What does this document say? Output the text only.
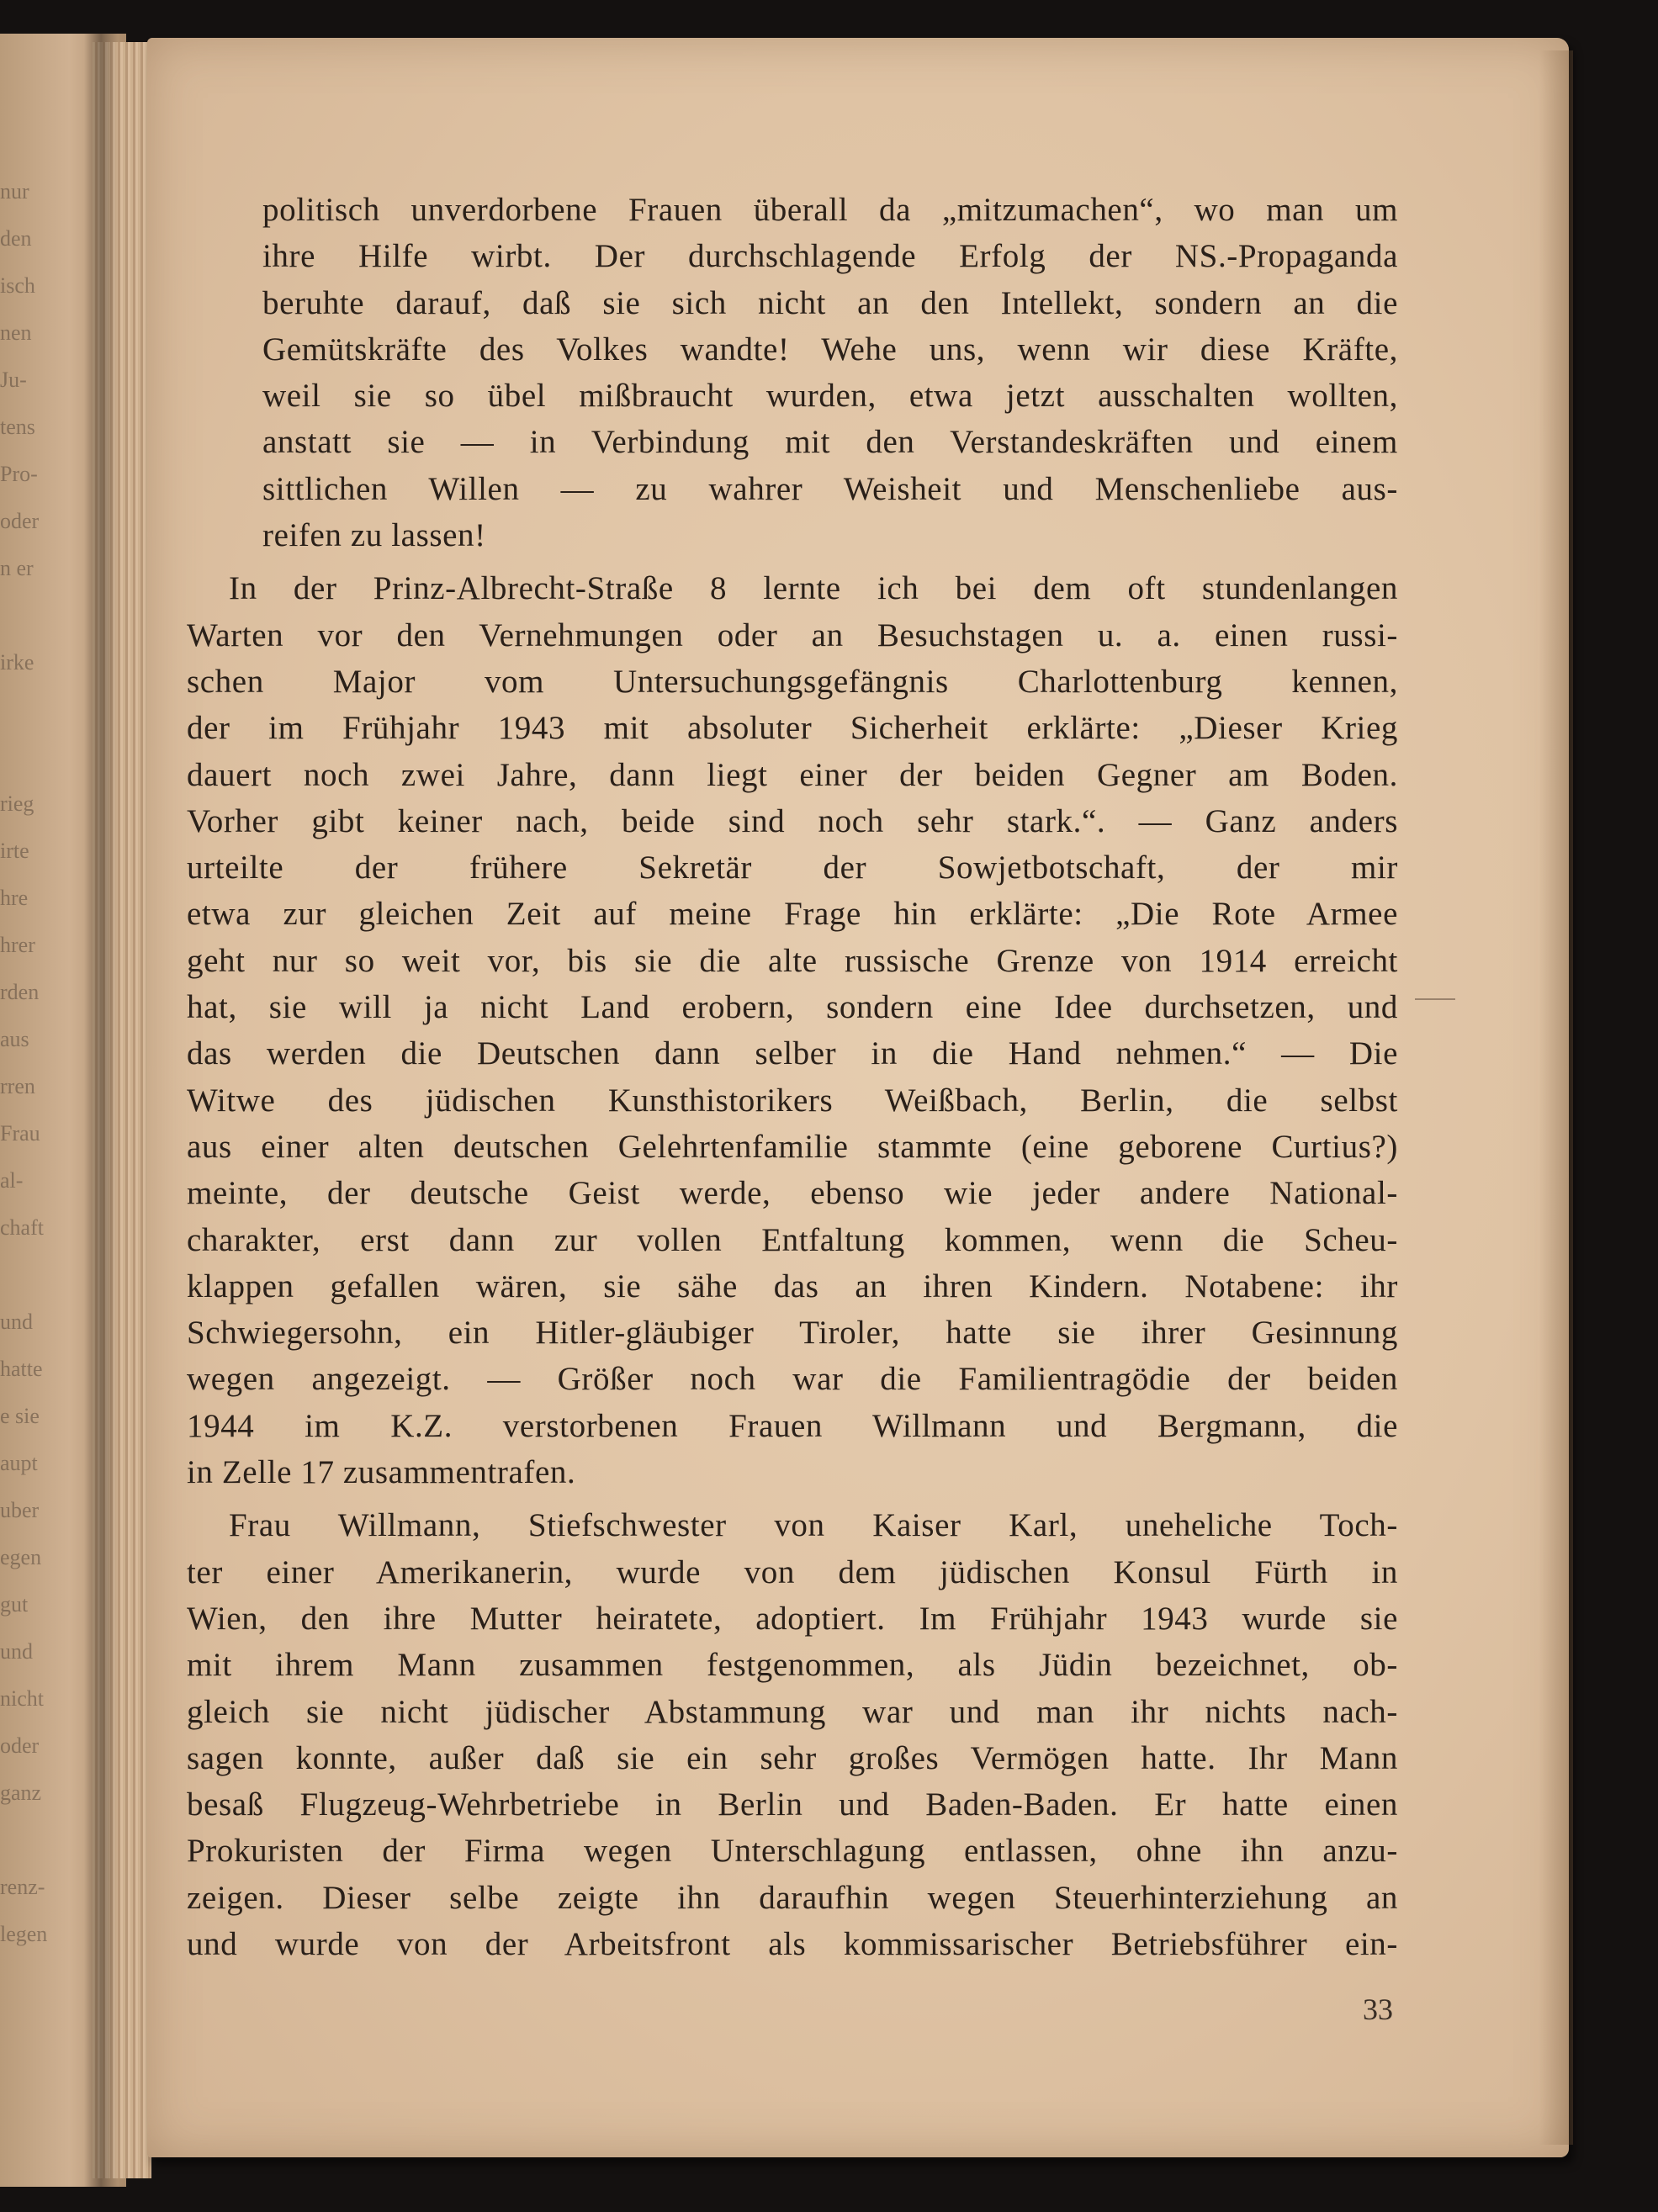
nur
den
isch
nen
Ju-
tens
Pro-
oder
n er
irke
rieg
irte
hre
hrer
rden
aus
rren
Frau
al-
chaft
und
hatte
e sie
aupt
uber
egen
gut
und
nicht
oder
ganz
renz-
legen
politisch unverdorbene Frauen überall da „mitzumachen“, wo man um
ihre Hilfe wirbt. Der durchschlagende Erfolg der NS.-Propaganda
beruhte darauf, daß sie sich nicht an den Intellekt, sondern an die
Gemütskräfte des Volkes wandte! Wehe uns, wenn wir diese Kräfte,
weil sie so übel mißbraucht wurden, etwa jetzt ausschalten wollten,
anstatt sie — in Verbindung mit den Verstandeskräften und einem
sittlichen Willen — zu wahrer Weisheit und Menschenliebe aus-
reifen zu lassen!
In der Prinz-Albrecht-Straße 8 lernte ich bei dem oft stundenlangen
Warten vor den Vernehmungen oder an Besuchstagen u. a. einen russi-
schen Major vom Untersuchungsgefängnis Charlottenburg kennen,
der im Frühjahr 1943 mit absoluter Sicherheit erklärte: „Dieser Krieg
dauert noch zwei Jahre, dann liegt einer der beiden Gegner am Boden.
Vorher gibt keiner nach, beide sind noch sehr stark.“. — Ganz anders
urteilte der frühere Sekretär der Sowjetbotschaft, der mir
etwa zur gleichen Zeit auf meine Frage hin erklärte: „Die Rote Armee
geht nur so weit vor, bis sie die alte russische Grenze von 1914 erreicht
hat, sie will ja nicht Land erobern, sondern eine Idee durchsetzen, und
das werden die Deutschen dann selber in die Hand nehmen.“ — Die
Witwe des jüdischen Kunsthistorikers Weißbach, Berlin, die selbst
aus einer alten deutschen Gelehrtenfamilie stammte (eine geborene Curtius?)
meinte, der deutsche Geist werde, ebenso wie jeder andere National-
charakter, erst dann zur vollen Entfaltung kommen, wenn die Scheu-
klappen gefallen wären, sie sähe das an ihren Kindern. Notabene: ihr
Schwiegersohn, ein Hitler-gläubiger Tiroler, hatte sie ihrer Gesinnung
wegen angezeigt. — Größer noch war die Familientragödie der beiden
1944 im K.Z. verstorbenen Frauen Willmann und Bergmann, die
in Zelle 17 zusammentrafen.
Frau Willmann, Stiefschwester von Kaiser Karl, uneheliche Toch-
ter einer Amerikanerin, wurde von dem jüdischen Konsul Fürth in
Wien, den ihre Mutter heiratete, adoptiert. Im Frühjahr 1943 wurde sie
mit ihrem Mann zusammen festgenommen, als Jüdin bezeichnet, ob-
gleich sie nicht jüdischer Abstammung war und man ihr nichts nach-
sagen konnte, außer daß sie ein sehr großes Vermögen hatte. Ihr Mann
besaß Flugzeug-Wehrbetriebe in Berlin und Baden-Baden. Er hatte einen
Prokuristen der Firma wegen Unterschlagung entlassen, ohne ihn anzu-
zeigen. Dieser selbe zeigte ihn daraufhin wegen Steuerhinterziehung an
und wurde von der Arbeitsfront als kommissarischer Betriebsführer ein-
33
